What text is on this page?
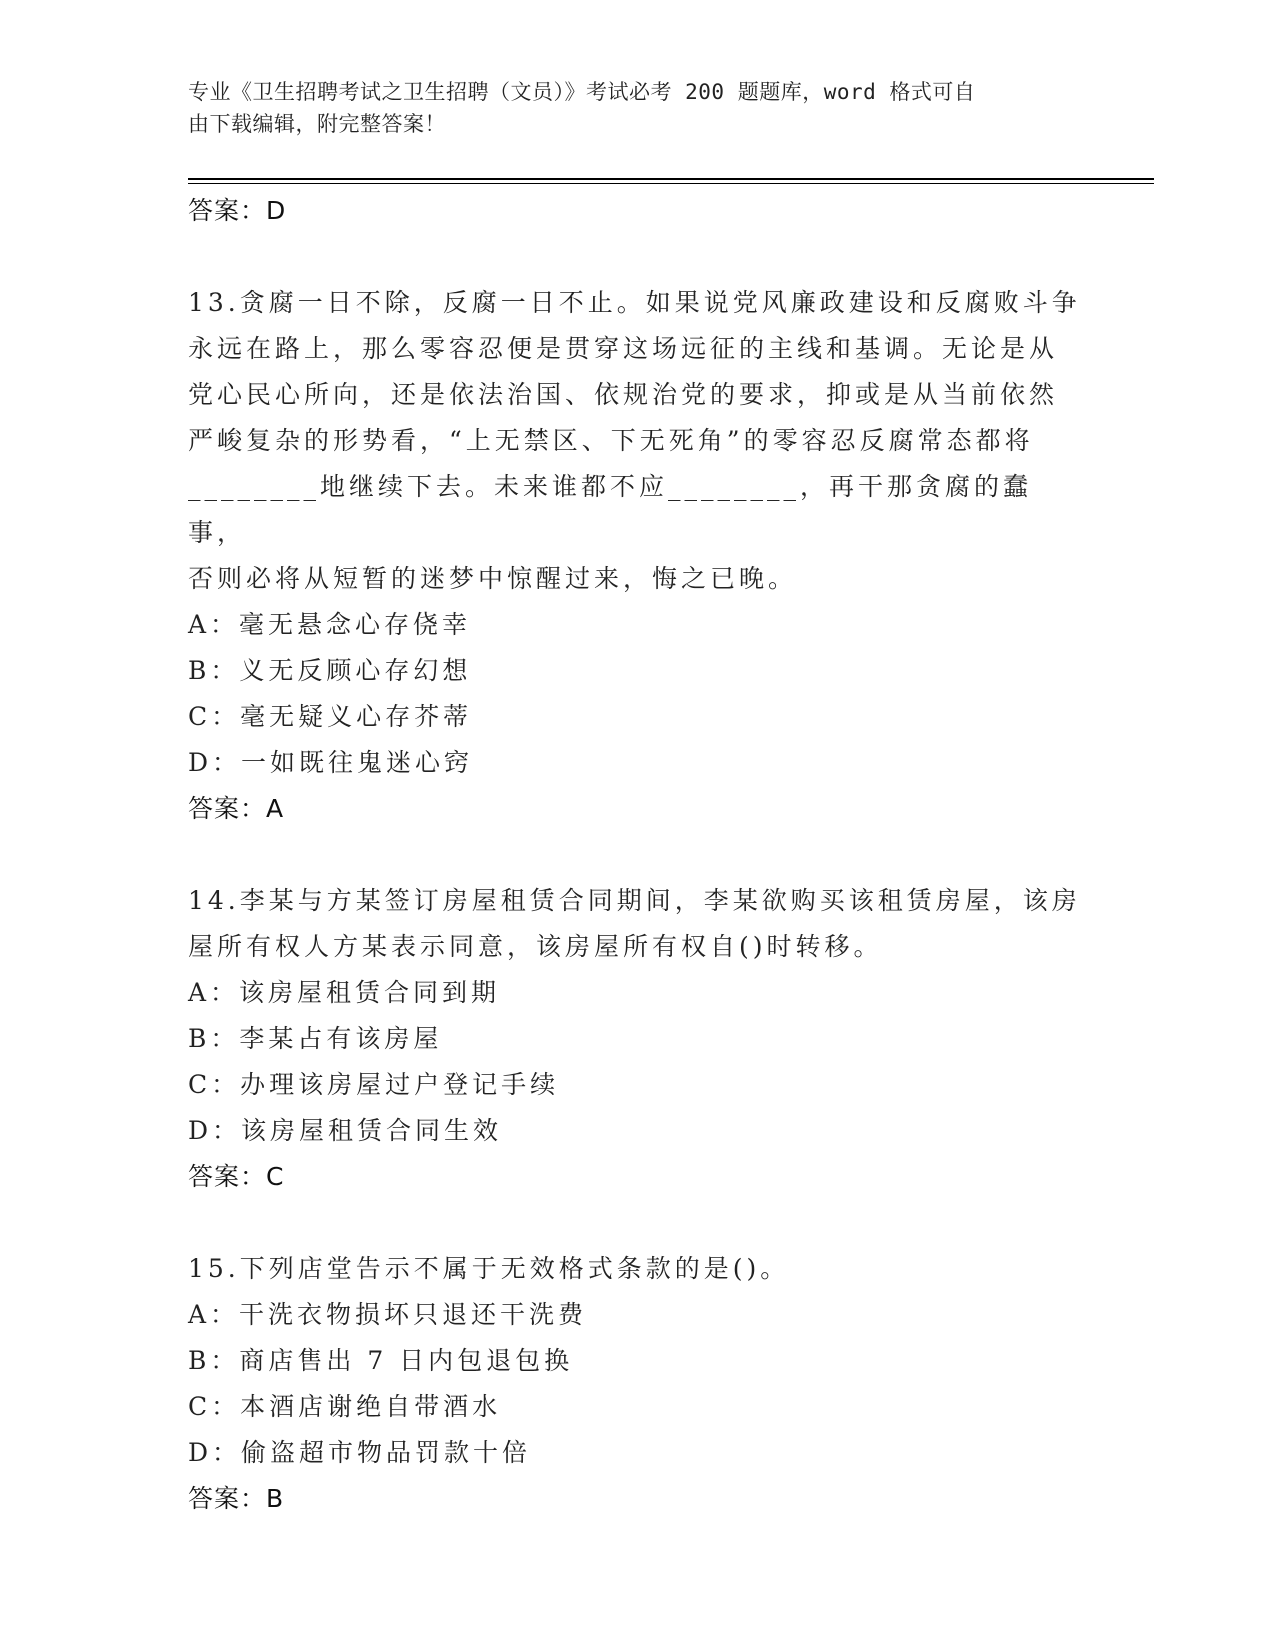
专业《卫生招聘考试之卫生招聘（文员）》考试必考 200 题题库，word 格式可自
由下载编辑，附完整答案！
答案：D
13.贪腐一日不除，反腐一日不止。如果说党风廉政建设和反腐败斗争
永远在路上，那么零容忍便是贯穿这场远征的主线和基调。无论是从
党心民心所向，还是依法治国、依规治党的要求，抑或是从当前依然
严峻复杂的形势看，“上无禁区、下无死角”的零容忍反腐常态都将
________地继续下去。未来谁都不应________，再干那贪腐的蠢事，
否则必将从短暂的迷梦中惊醒过来，悔之已晚。
A：毫无悬念心存侥幸
B：义无反顾心存幻想
C：毫无疑义心存芥蒂
D：一如既往鬼迷心窍
答案：A
14.李某与方某签订房屋租赁合同期间，李某欲购买该租赁房屋，该房
屋所有权人方某表示同意，该房屋所有权自()时转移。
A：该房屋租赁合同到期
B：李某占有该房屋
C：办理该房屋过户登记手续
D：该房屋租赁合同生效
答案：C
15.下列店堂告示不属于无效格式条款的是()。
A：干洗衣物损坏只退还干洗费
B：商店售出 7 日内包退包换
C：本酒店谢绝自带酒水
D：偷盗超市物品罚款十倍
答案：B
